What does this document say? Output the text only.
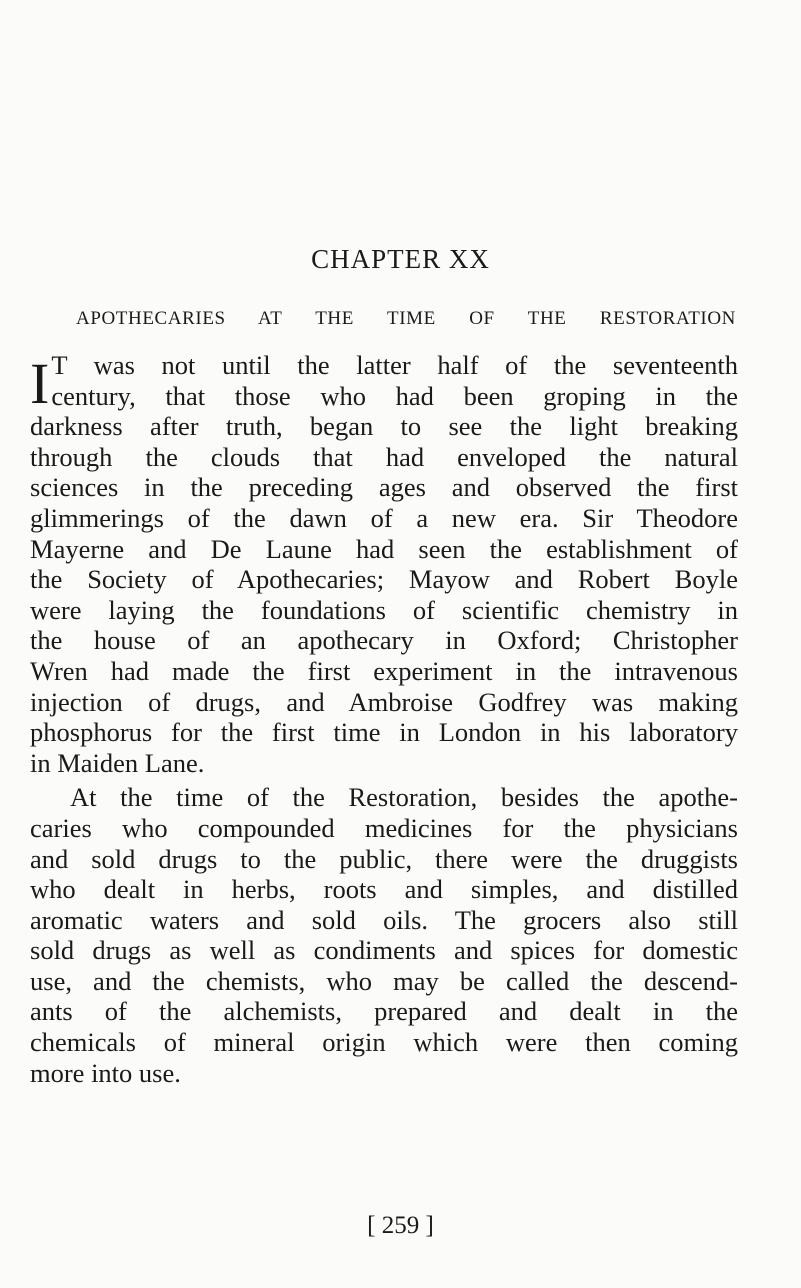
CHAPTER XX
APOTHECARIES AT THE TIME OF THE RESTORATION
I T was not until the latter half of the seventeenth
century, that those who had been groping in the
darkness after truth, began to see the light breaking
through the clouds that had enveloped the natural
sciences in the preceding ages and observed the first
glimmerings of the dawn of a new era. Sir Theodore
Mayerne and De Laune had seen the establishment of
the Society of Apothecaries; Mayow and Robert Boyle
were laying the foundations of scientific chemistry in
the house of an apothecary in Oxford; Christopher
Wren had made the first experiment in the intravenous
injection of drugs, and Ambroise Godfrey was making
phosphorus for the first time in London in his laboratory
in Maiden Lane.
At the time of the Restoration, besides the apothe-
caries who compounded medicines for the physicians
and sold drugs to the public, there were the druggists
who dealt in herbs, roots and simples, and distilled
aromatic waters and sold oils. The grocers also still
sold drugs as well as condiments and spices for domestic
use, and the chemists, who may be called the descend-
ants of the alchemists, prepared and dealt in the
chemicals of mineral origin which were then coming
more into use.
[ 259 ]
